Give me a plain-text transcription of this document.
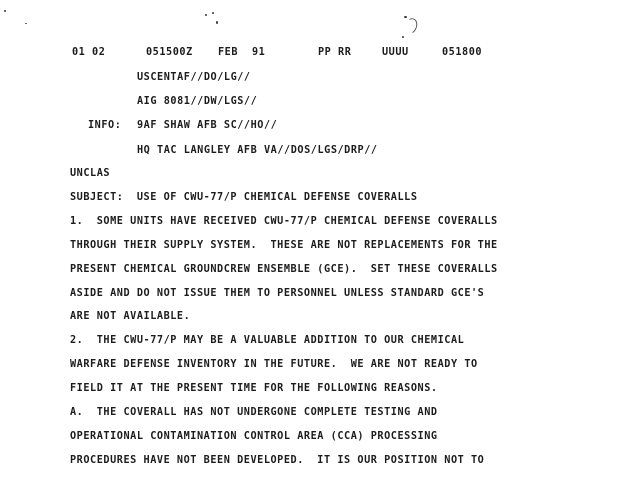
01 02	051500Z FEB 91	PP RR	UUUU	051800
USCENTAF//DO/LG//
AIG 8081//DW/LGS//
INFO: 9AF SHAW AFB SC//HO//
HQ TAC LANGLEY AFB VA//DOS/LGS/DRP//
UNCLAS
SUBJECT:  USE OF CWU-77/P CHEMICAL DEFENSE COVERALLS
1.  SOME UNITS HAVE RECEIVED CWU-77/P CHEMICAL DEFENSE COVERALLS
THROUGH THEIR SUPPLY SYSTEM.  THESE ARE NOT REPLACEMENTS FOR THE
PRESENT CHEMICAL GROUNDCREW ENSEMBLE (GCE).  SET THESE COVERALLS
ASIDE AND DO NOT ISSUE THEM TO PERSONNEL UNLESS STANDARD GCE'S
ARE NOT AVAILABLE.
2.  THE CWU-77/P MAY BE A VALUABLE ADDITION TO OUR CHEMICAL
WARFARE DEFENSE INVENTORY IN THE FUTURE.  WE ARE NOT READY TO
FIELD IT AT THE PRESENT TIME FOR THE FOLLOWING REASONS.
A.  THE COVERALL HAS NOT UNDERGONE COMPLETE TESTING AND
OPERATIONAL CONTAMINATION CONTROL AREA (CCA) PROCESSING
PROCEDURES HAVE NOT BEEN DEVELOPED.  IT IS OUR POSITION NOT TO
